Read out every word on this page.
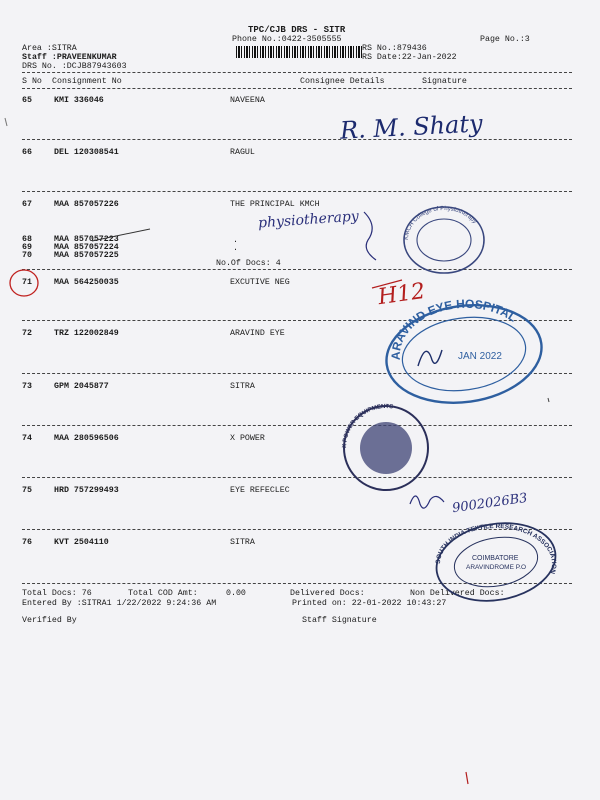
TPC/CJB DRS - SITR
Phone No.:0422-3505555	Page No.:3
Area :SITRA
Staff :PRAVEENKUMAR
DRS No. :DCJB87943603
RS No.:879436
RS Date:22-Jan-2022
S No Consignment No	Consignee Details	Signature
65	KMI 336046	NAVEENA
66	DEL 120308541	RAGUL
67	MAA 857057226	THE PRINCIPAL KMCH
68	MAA 857057223
69	MAA 857057224
70	MAA 857057225
No.Of Docs: 4
.
.
71	MAA 564250035	EXCUTIVE NEG
72	TRZ 122002849	ARAVIND EYE
73	GPM 2045877	SITRA
74	MAA 280596506	X POWER
75	HRD 757299493	EYE REFECLEC
76	KVT 2504110	SITRA
Total Docs: 76	Total COD Amt:	0.00	Delivered Docs:	Non Delivered Docs:
Entered By :SITRA1 1/22/2022 9:24:36 AM	Printed on: 22-01-2022 10:43:27
Verified By	Staff Signature
R. M. Shaty
physiotherapy
H12
9002026B3
KMCH College of Physiotherapy
ARAVIND EYE HOSPITAL
JAN 2022
X POWER EQUIPMENTS
SOUTH INDIA TEXTILE RESEARCH ASSOCIATION
COIMBATORE
ARAVINDROME P.O
